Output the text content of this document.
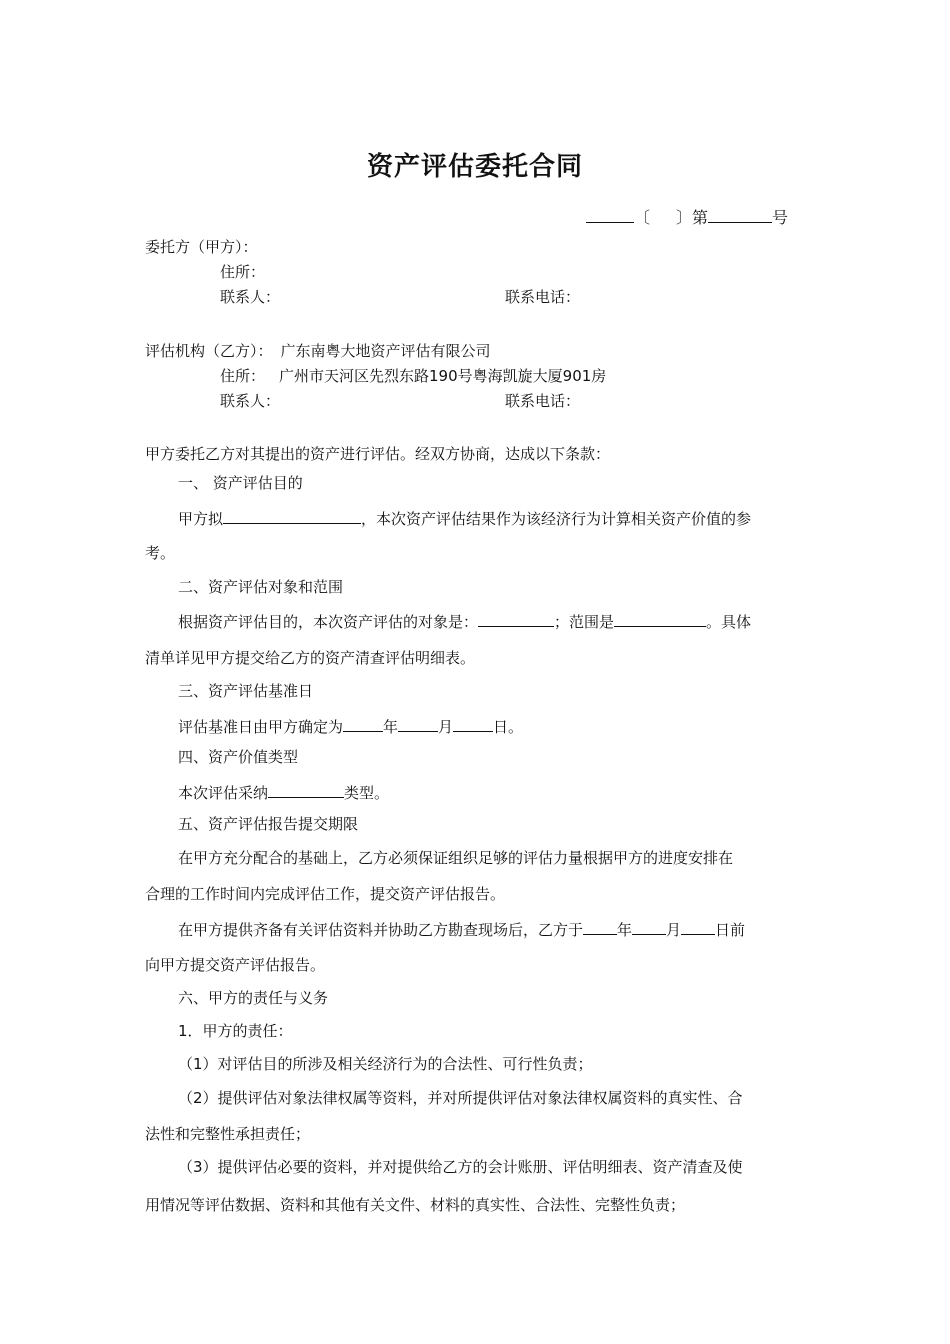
资产评估委托合同
〔 〕第	号
委托方（甲方）：
住所：
联系人：	联系电话：
评估机构（乙方）： 广东南粤大地资产评估有限公司
住所： 广州市天河区先烈东路190号粤海凯旋大厦901房
联系人：	联系电话：
甲方委托乙方对其提出的资产进行评估。经双方协商，达成以下条款：
一、 资产评估目的
甲方拟	，本次资产评估结果作为该经济行为计算相关资产价值的参
考。
二、资产评估对象和范围
根据资产评估目的，本次资产评估的对象是：	；范围是	。具体
清单详见甲方提交给乙方的资产清查评估明细表。
三、资产评估基准日
评估基准日由甲方确定为	年	月	日。
四、资产价值类型
本次评估采纳	类型。
五、资产评估报告提交期限
在甲方充分配合的基础上，乙方必须保证组织足够的评估力量根据甲方的进度安排在
合理的工作时间内完成评估工作，提交资产评估报告。
在甲方提供齐备有关评估资料并协助乙方勘查现场后，乙方于 年 月 日前
向甲方提交资产评估报告。
六、甲方的责任与义务
1．甲方的责任：
（1）对评估目的所涉及相关经济行为的合法性、可行性负责；
（2）提供评估对象法律权属等资料，并对所提供评估对象法律权属资料的真实性、合
法性和完整性承担责任；
（3）提供评估必要的资料，并对提供给乙方的会计账册、评估明细表、资产清查及使
用情况等评估数据、资料和其他有关文件、材料的真实性、合法性、完整性负责；
